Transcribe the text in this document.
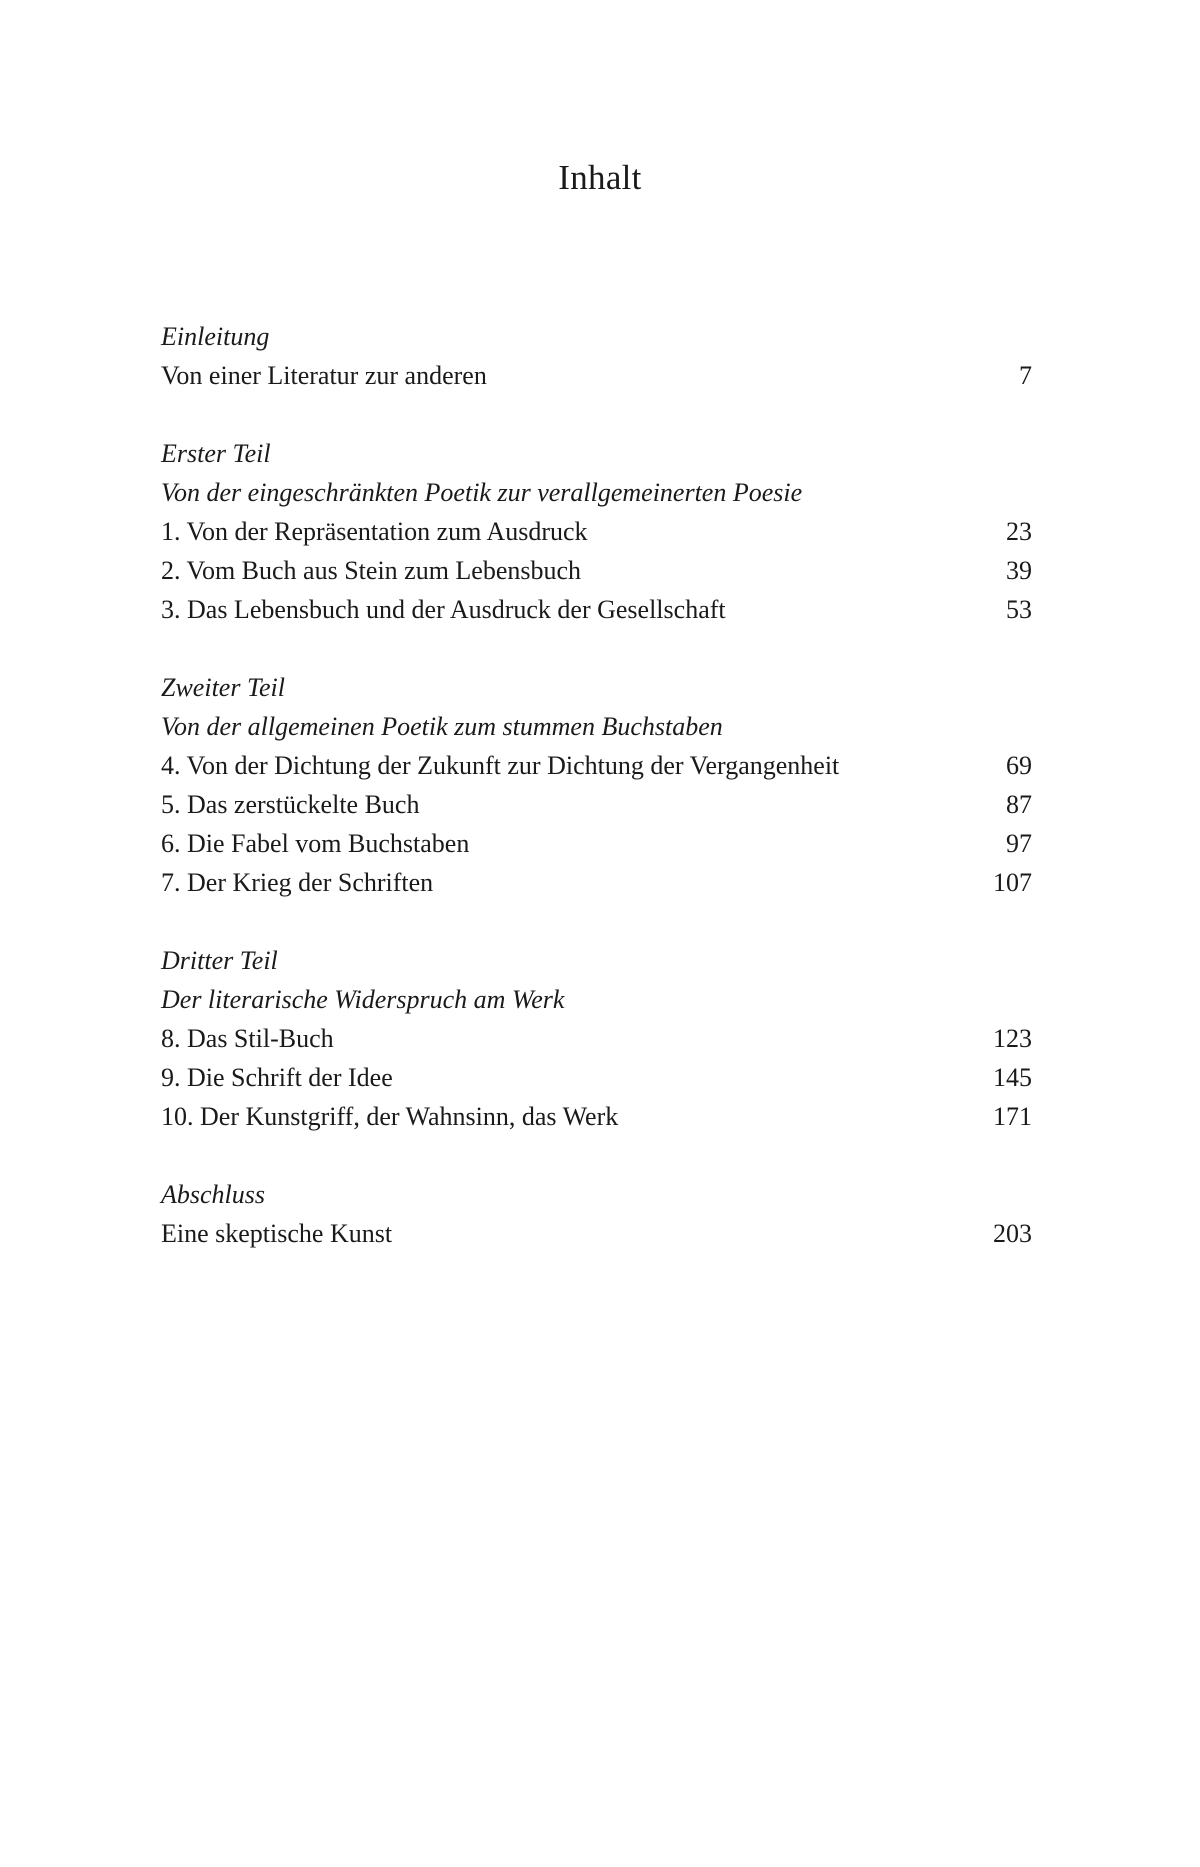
Inhalt
Einleitung
Von einer Literatur zur anderen	7
Erster Teil
Von der eingeschränkten Poetik zur verallgemeinerten Poesie
1. Von der Repräsentation zum Ausdruck	23
2. Vom Buch aus Stein zum Lebensbuch	39
3. Das Lebensbuch und der Ausdruck der Gesellschaft	53
Zweiter Teil
Von der allgemeinen Poetik zum stummen Buchstaben
4. Von der Dichtung der Zukunft zur Dichtung der Vergangenheit	69
5. Das zerstückelte Buch	87
6. Die Fabel vom Buchstaben	97
7. Der Krieg der Schriften	107
Dritter Teil
Der literarische Widerspruch am Werk
8. Das Stil-Buch	123
9. Die Schrift der Idee	145
10. Der Kunstgriff, der Wahnsinn, das Werk	171
Abschluss
Eine skeptische Kunst	203
